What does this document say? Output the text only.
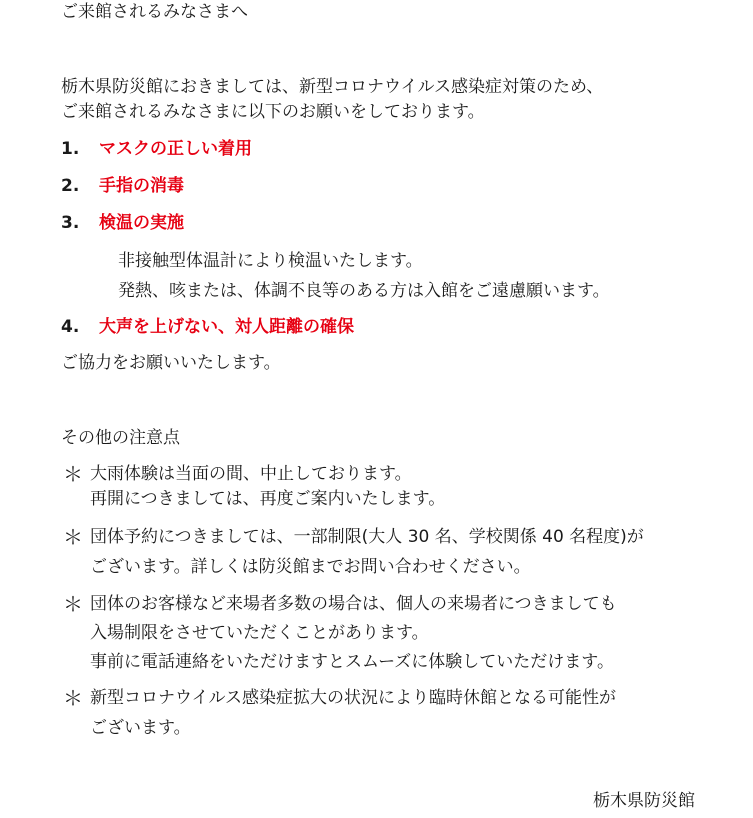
ご来館されるみなさまへ

栃木県防災館におきましては、新型コロナウイルス感染症対策のため、

ご来館されるみなさまに以下のお願いをしております。

1. マスクの正しい着用

2. 手指の消毒

3. 検温の実施

非接触型体温計により検温いたします。

発熱、咳または、体調不良等のある方は入館をご遠慮願います。

4. 大声を上げない、対人距離の確保

ご協力をお願いいたします。

その他の注意点

＊ 大雨体験は当面の間、中止しております。

再開につきましては、再度ご案内いたします。

＊ 団体予約につきましては、一部制限(大人 30 名、学校関係 40 名程度)が

ございます。詳しくは防災館までお問い合わせください。

＊ 団体のお客様など来場者多数の場合は、個人の来場者につきましても

入場制限をさせていただくことがあります。

事前に電話連絡をいただけますとスムーズに体験していただけます。

＊ 新型コロナウイルス感染症拡大の状況により臨時休館となる可能性が

ございます。

栃木県防災館
